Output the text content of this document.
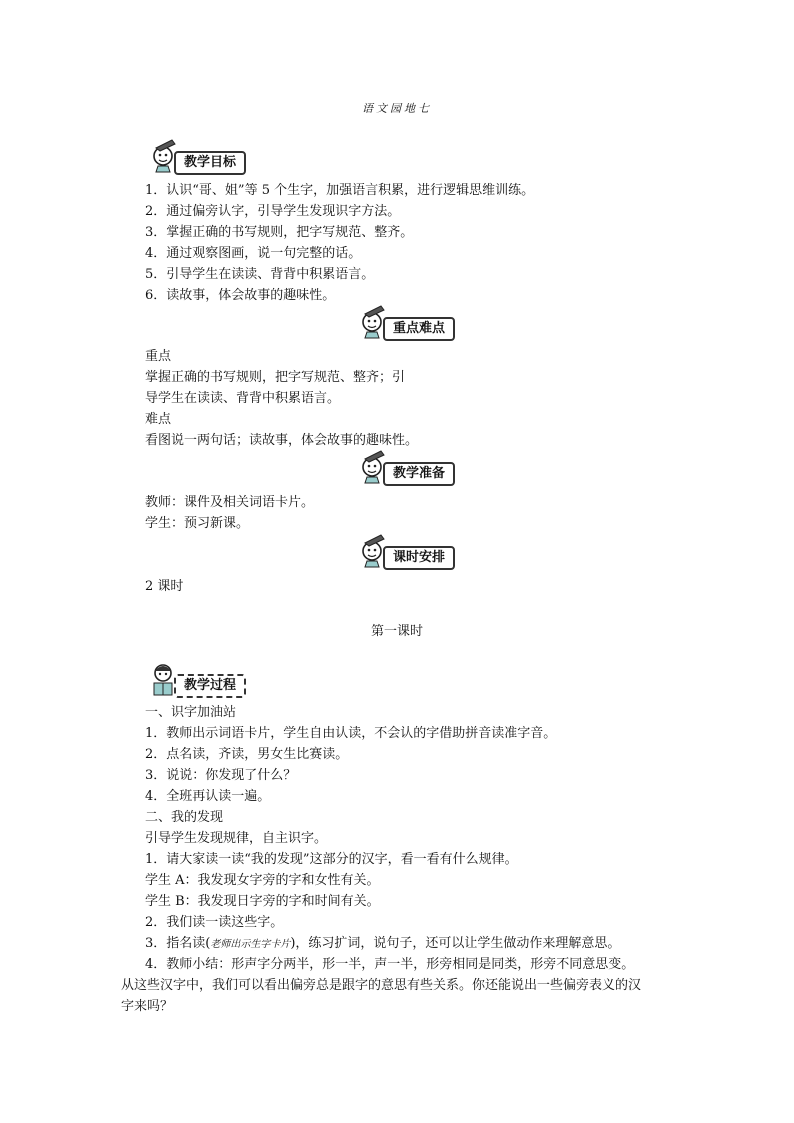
语文园地七
教学目标
1．认识“哥、姐”等 5 个生字，加强语言积累，进行逻辑思维训练。
2．通过偏旁认字，引导学生发现识字方法。
3．掌握正确的书写规则，把字写规范、整齐。
4．通过观察图画，说一句完整的话。
5．引导学生在读读、背背中积累语言。
6．读故事，体会故事的趣味性。
重点难点
重点
掌握正确的书写规则，把字写规范、整齐；引
导学生在读读、背背中积累语言。
难点
看图说一两句话；读故事，体会故事的趣味性。
教学准备
教师：课件及相关词语卡片。
学生：预习新课。
课时安排
2 课时
第一课时
教学过程
一、识字加油站
1．教师出示词语卡片，学生自由认读，不会认的字借助拼音读准字音。
2．点名读，齐读，男女生比赛读。
3．说说：你发现了什么？
4．全班再认读一遍。
二、我的发现
引导学生发现规律，自主识字。
1．请大家读一读“我的发现”这部分的汉字，看一看有什么规律。
学生 A：我发现女字旁的字和女性有关。
学生 B：我发现日字旁的字和时间有关。
2．我们读一读这些字。
3．指名读(老师出示生字卡片)，练习扩词，说句子，还可以让学生做动作来理解意思。
4．教师小结：形声字分两半，形一半，声一半，形旁相同是同类，形旁不同意思变。
从这些汉字中，我们可以看出偏旁总是跟字的意思有些关系。你还能说出一些偏旁表义的汉
字来吗？
